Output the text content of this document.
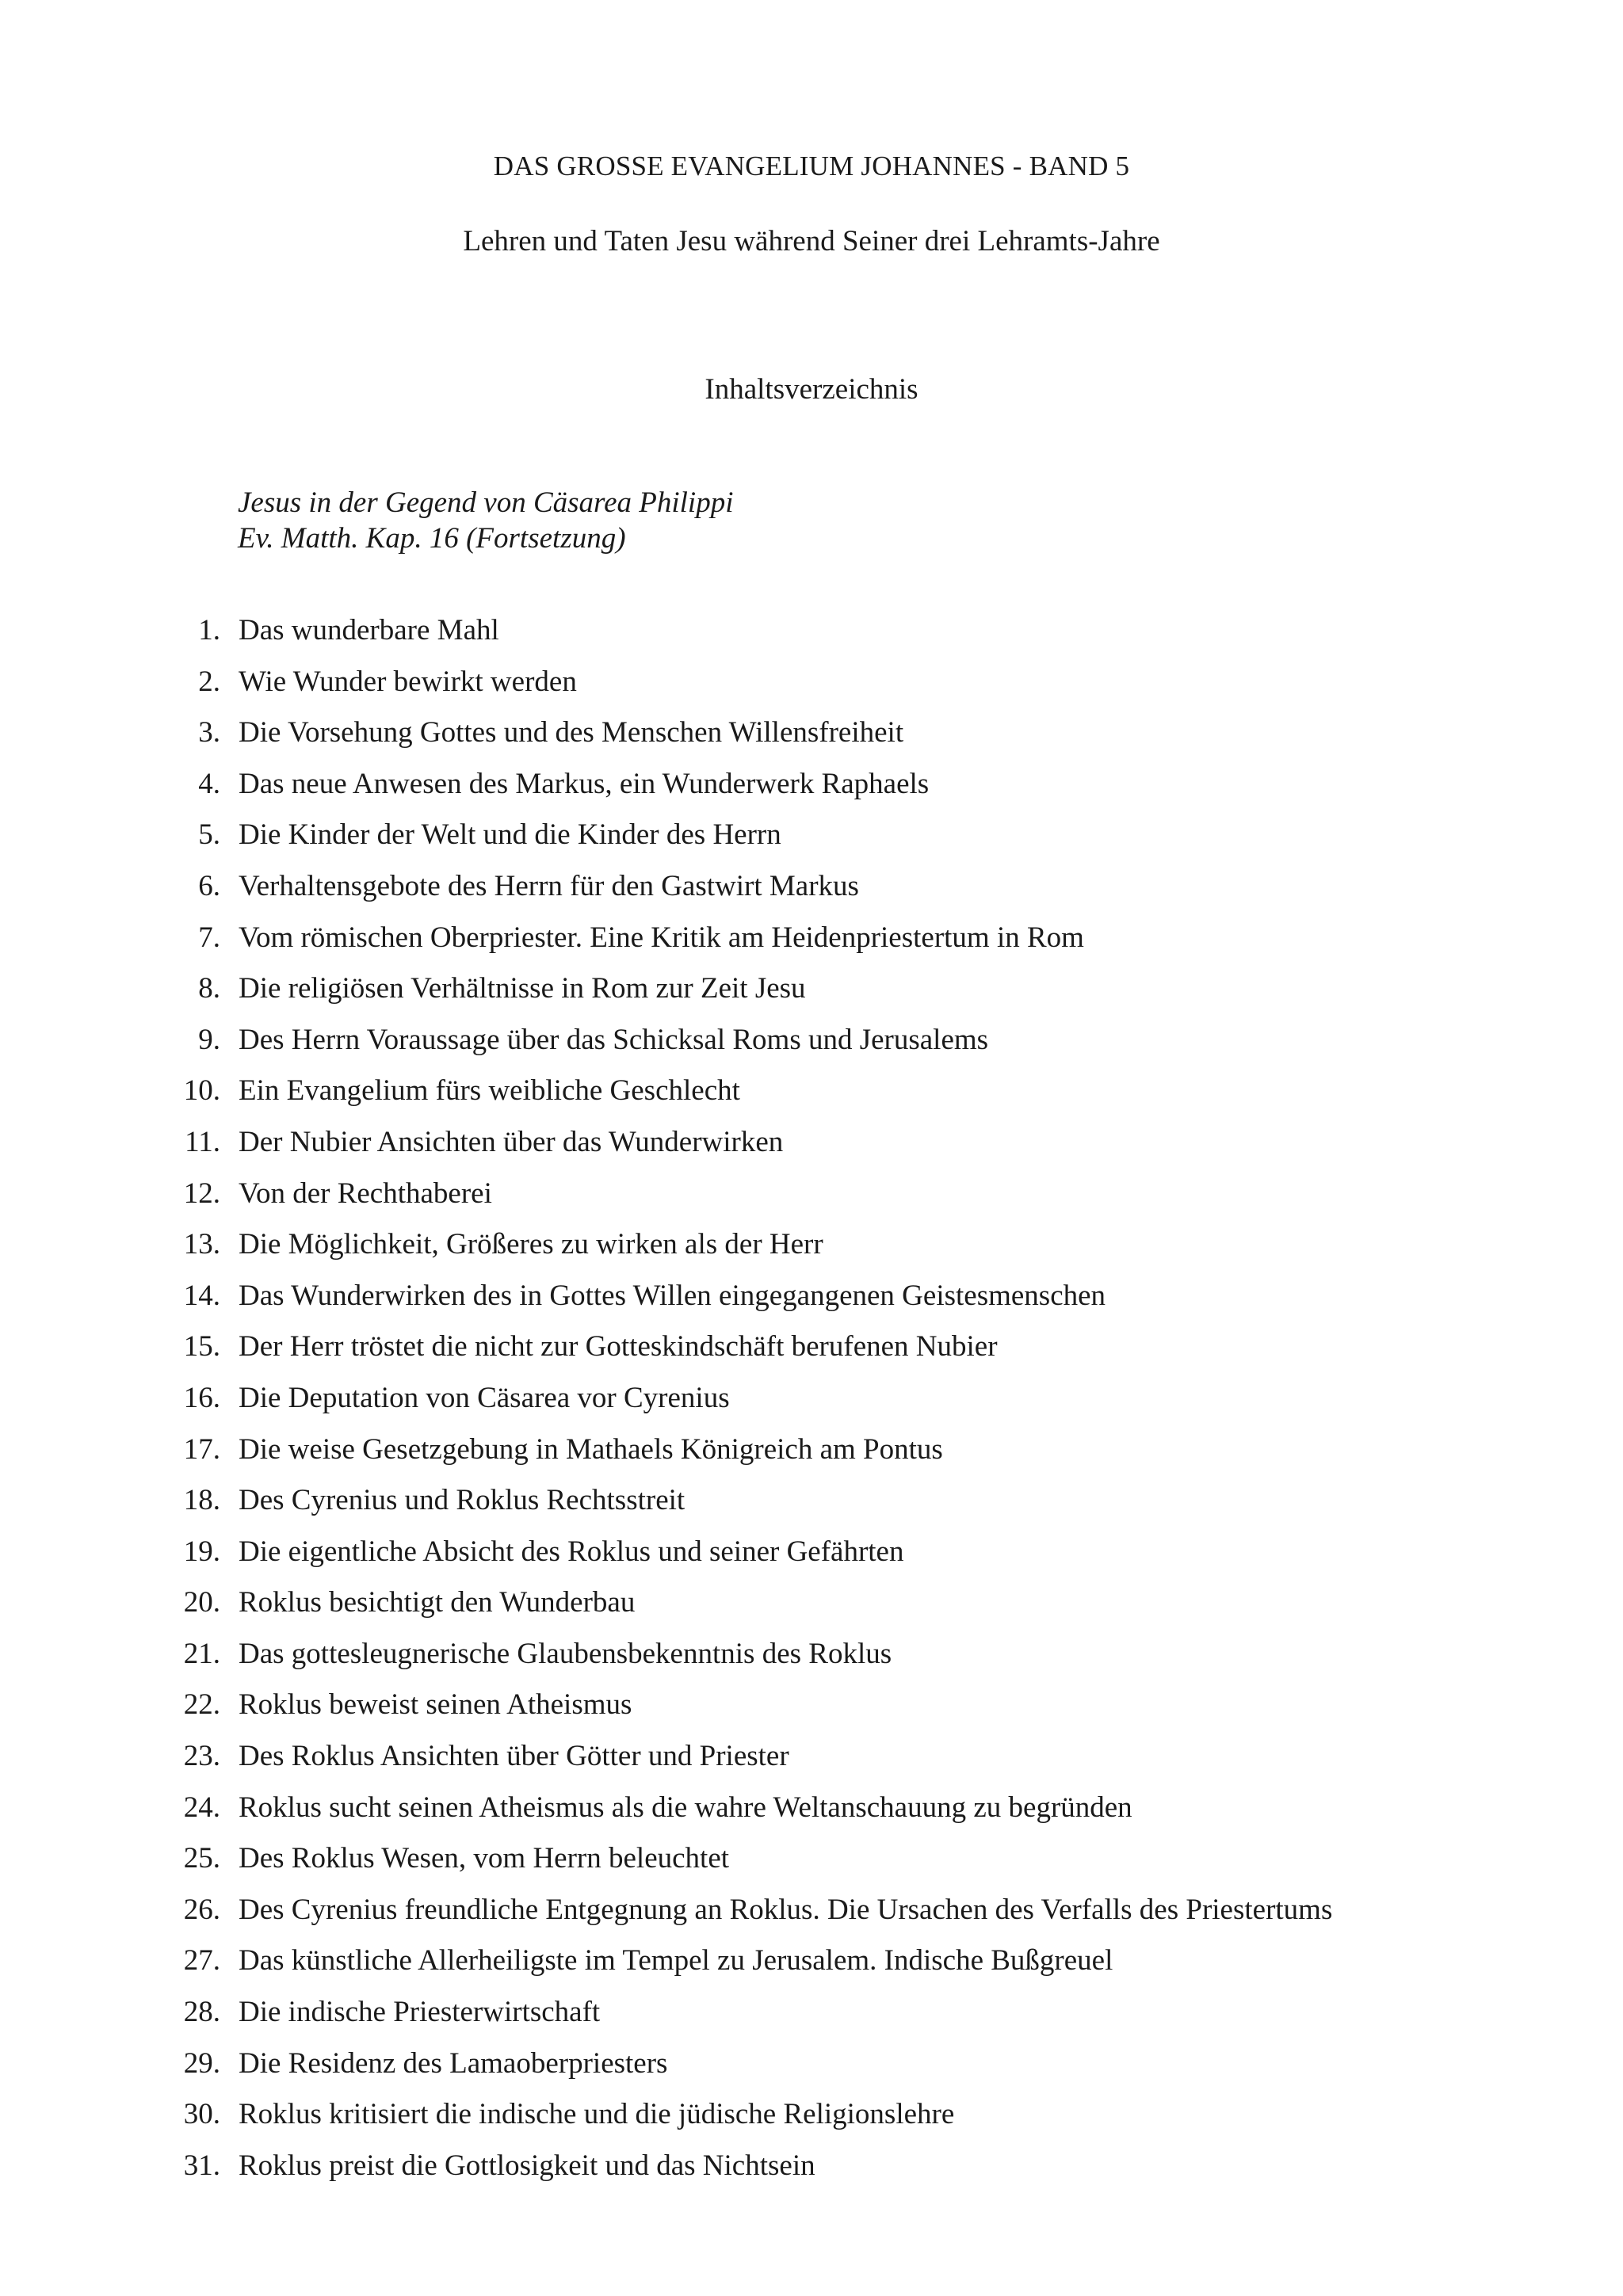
DAS GROSSE EVANGELIUM JOHANNES - BAND 5
Lehren und Taten Jesu während Seiner drei Lehramts-Jahre
Inhaltsverzeichnis
Jesus in der Gegend von Cäsarea Philippi
Ev. Matth. Kap. 16 (Fortsetzung)
1. Das wunderbare Mahl
2. Wie Wunder bewirkt werden
3. Die Vorsehung Gottes und des Menschen Willensfreiheit
4. Das neue Anwesen des Markus, ein Wunderwerk Raphaels
5. Die Kinder der Welt und die Kinder des Herrn
6. Verhaltensgebote des Herrn für den Gastwirt Markus
7. Vom römischen Oberpriester. Eine Kritik am Heidenpriestertum in Rom
8. Die religiösen Verhältnisse in Rom zur Zeit Jesu
9. Des Herrn Voraussage über das Schicksal Roms und Jerusalems
10. Ein Evangelium fürs weibliche Geschlecht
11. Der Nubier Ansichten über das Wunderwirken
12. Von der Rechthaberei
13. Die Möglichkeit, Größeres zu wirken als der Herr
14. Das Wunderwirken des in Gottes Willen eingegangenen Geistesmenschen
15. Der Herr tröstet die nicht zur Gotteskindschäft berufenen Nubier
16. Die Deputation von Cäsarea vor Cyrenius
17. Die weise Gesetzgebung in Mathaels Königreich am Pontus
18. Des Cyrenius und Roklus Rechtsstreit
19. Die eigentliche Absicht des Roklus und seiner Gefährten
20. Roklus besichtigt den Wunderbau
21. Das gottesleugnerische Glaubensbekenntnis des Roklus
22. Roklus beweist seinen Atheismus
23. Des Roklus Ansichten über Götter und Priester
24. Roklus sucht seinen Atheismus als die wahre Weltanschauung zu begründen
25. Des Roklus Wesen, vom Herrn beleuchtet
26. Des Cyrenius freundliche Entgegnung an Roklus. Die Ursachen des Verfalls des Priestertums
27. Das künstliche Allerheiligste im Tempel zu Jerusalem. Indische Bußgreuel
28. Die indische Priesterwirtschaft
29. Die Residenz des Lamaoberpriesters
30. Roklus kritisiert die indische und die jüdische Religionslehre
31. Roklus preist die Gottlosigkeit und das Nichtsein
